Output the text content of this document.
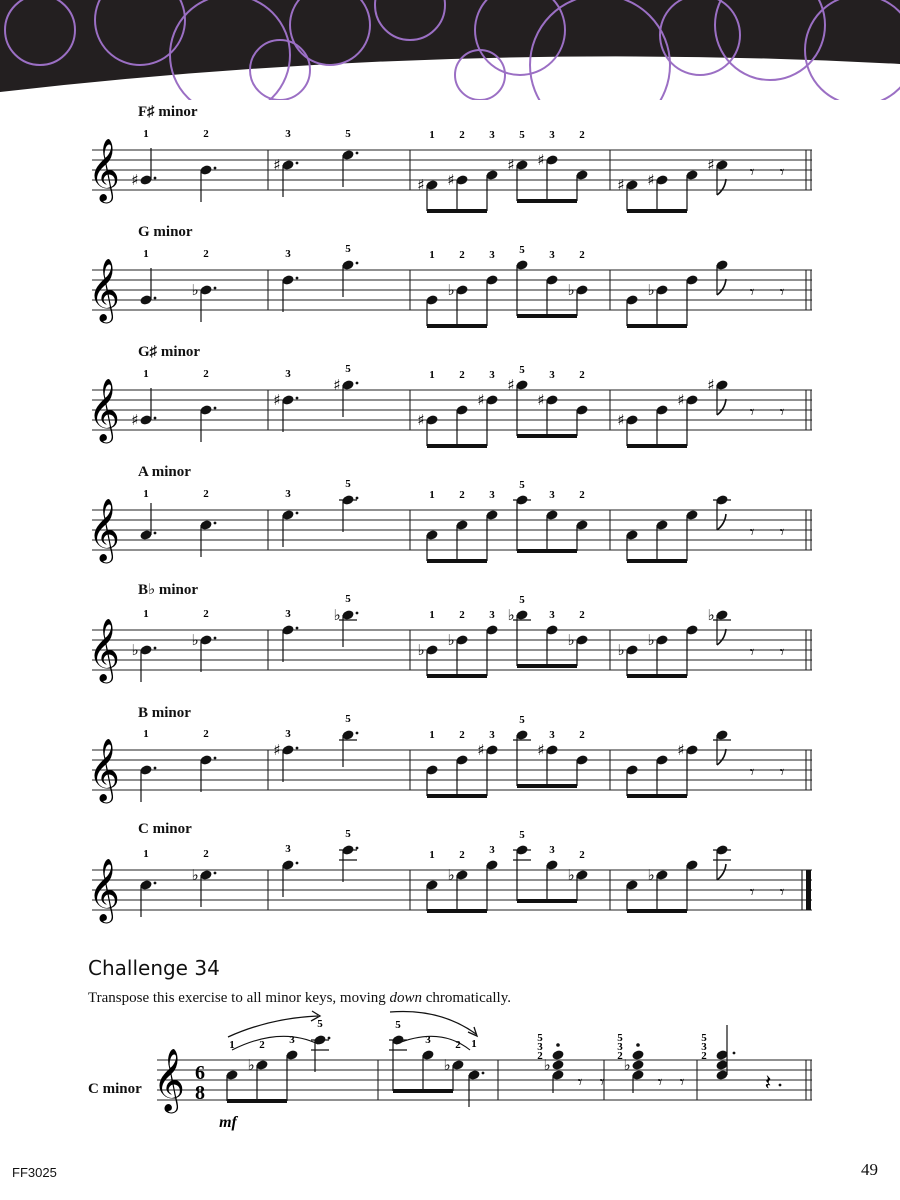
𝄞 ♯
1	2
♯
3	5
♯
1
♯
2 3
♯
5
♯
3 2
♯ ♯
♯ 𝄾 𝄾
𝄞
1
♭
2	3	5	1
♭
2 3 5 3
♭
2
♭	𝄾 𝄾
𝄞 ♯
1	2
♯
3
♯
5
♯
1 2
♯
3
♯
5
♯
3 2
♯
♯
♯
𝄾 𝄾
𝄞
1	2	3
5
1 2 3
5
3 2
𝄾 𝄾
𝄞 ♭
1
♭
2	3	♭
5
♭
1
♭
2 3 ♭
5
3
♭
2
♭
♭
♭
𝄾 𝄾
𝄞
1	2
♯
3
5
1 2
♯
3
5
♯
3 2
♯
𝄾 𝄾
𝄞
1
♭
2	3
5
1
♭
2 3
5
3
♭
2
♭
𝄾 𝄾
𝄞 6
8
1
♭
2 3
5	5
3
♭
2 1
♭
5
3
2
𝄾 𝄾
♭
5
3
2
𝄾 𝄾
5
3
2
𝄽
mf
F♯ minor
G minor
G♯ minor
A minor
B♭ minor
B minor
C minor
Challenge 34
Transpose this exercise to all minor keys, moving down chromatically.
C minor
FF3025	49
